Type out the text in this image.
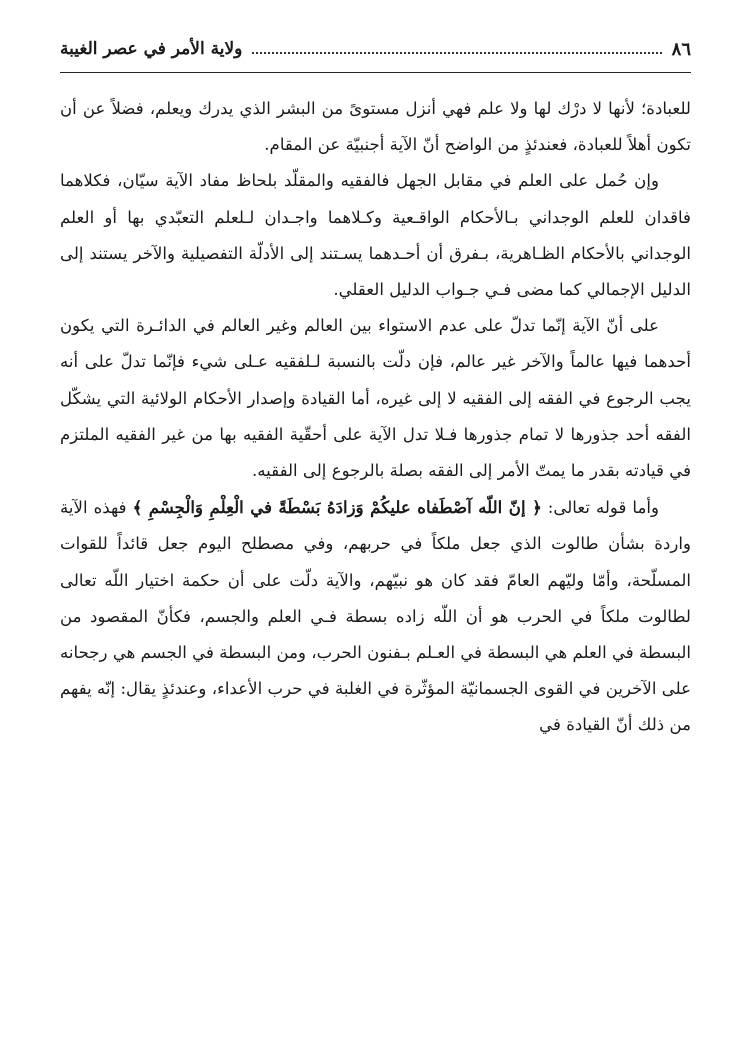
٨٦
ولاية الأمر في عصر الغيبة

للعبادة؛ لأنها لا درْك لها ولا علم فهي أنزل مستوىً من البشر الذي يدرك ويعلم، فضلاً عن أن تكون أهلاً للعبادة، فعندئذٍ من الواضح أنّ الآية أجنبيّة عن المقام.

وإن حُمل على العلم في مقابل الجهل فالفقيه والمقلّد بلحاظ مفاد الآية سيّان، فكلاهما فاقدان للعلم الوجداني بـالأحكام الواقـعية وكـلاهما واجـدان لـلعلم التعبّدي بها أو العلم الوجداني بالأحكام الظـاهرية، بـفرق أن أحـدهما يسـتند إلى الأدلّة التفصيلية والآخر يستند إلى الدليل الإجمالي كما مضى فـي جـواب الدليل العقلي.

على أنّ الآية إنّما تدلّ على عدم الاستواء بين العالم وغير العالم في الدائـرة التي يكون أحدهما فيها عالماً والآخر غير عالم، فإن دلّت بالنسبة لـلفقيه عـلى شيء فإنّما تدلّ على أنه يجب الرجوع في الفقه إلى الفقيه لا إلى غيره، أما القيادة وإصدار الأحكام الولائية التي يشكّل الفقه أحد جذورها لا تمام جذورها فـلا تدل الآية على أحقّية الفقيه بها من غير الفقيه الملتزم في قيادته بقدر ما يمتّ الأمر إلى الفقه بصلة بالرجوع إلى الفقيه.

وأما قوله تعالى: ﴿ إنّ اللّه آصْطَفاه عليكُمْ وَزادَهُ بَسْطَةً في الْعِلْمِ وَالْجِسْمِ ﴾ فهذه الآية واردة بشأن طالوت الذي جعل ملكاً في حربهم، وفي مصطلح اليوم جعل قائداً للقوات المسلّحة، وأمّا وليّهم العامّ فقد كان هو نبيّهم، والآية دلّت على أن حكمة اختيار اللّه تعالى لطالوت ملكاً في الحرب هو أن اللّه زاده بسطة فـي العلم والجسم، فكأنّ المقصود من البسطة في العلم هي البسطة في العـلم بـفنون الحرب، ومن البسطة في الجسم هي رجحانه على الآخرين في القوى الجسمانيّة المؤثّرة في الغلبة في حرب الأعداء، وعندئذٍ يقال: إنّه يفهم من ذلك أنّ القيادة في
